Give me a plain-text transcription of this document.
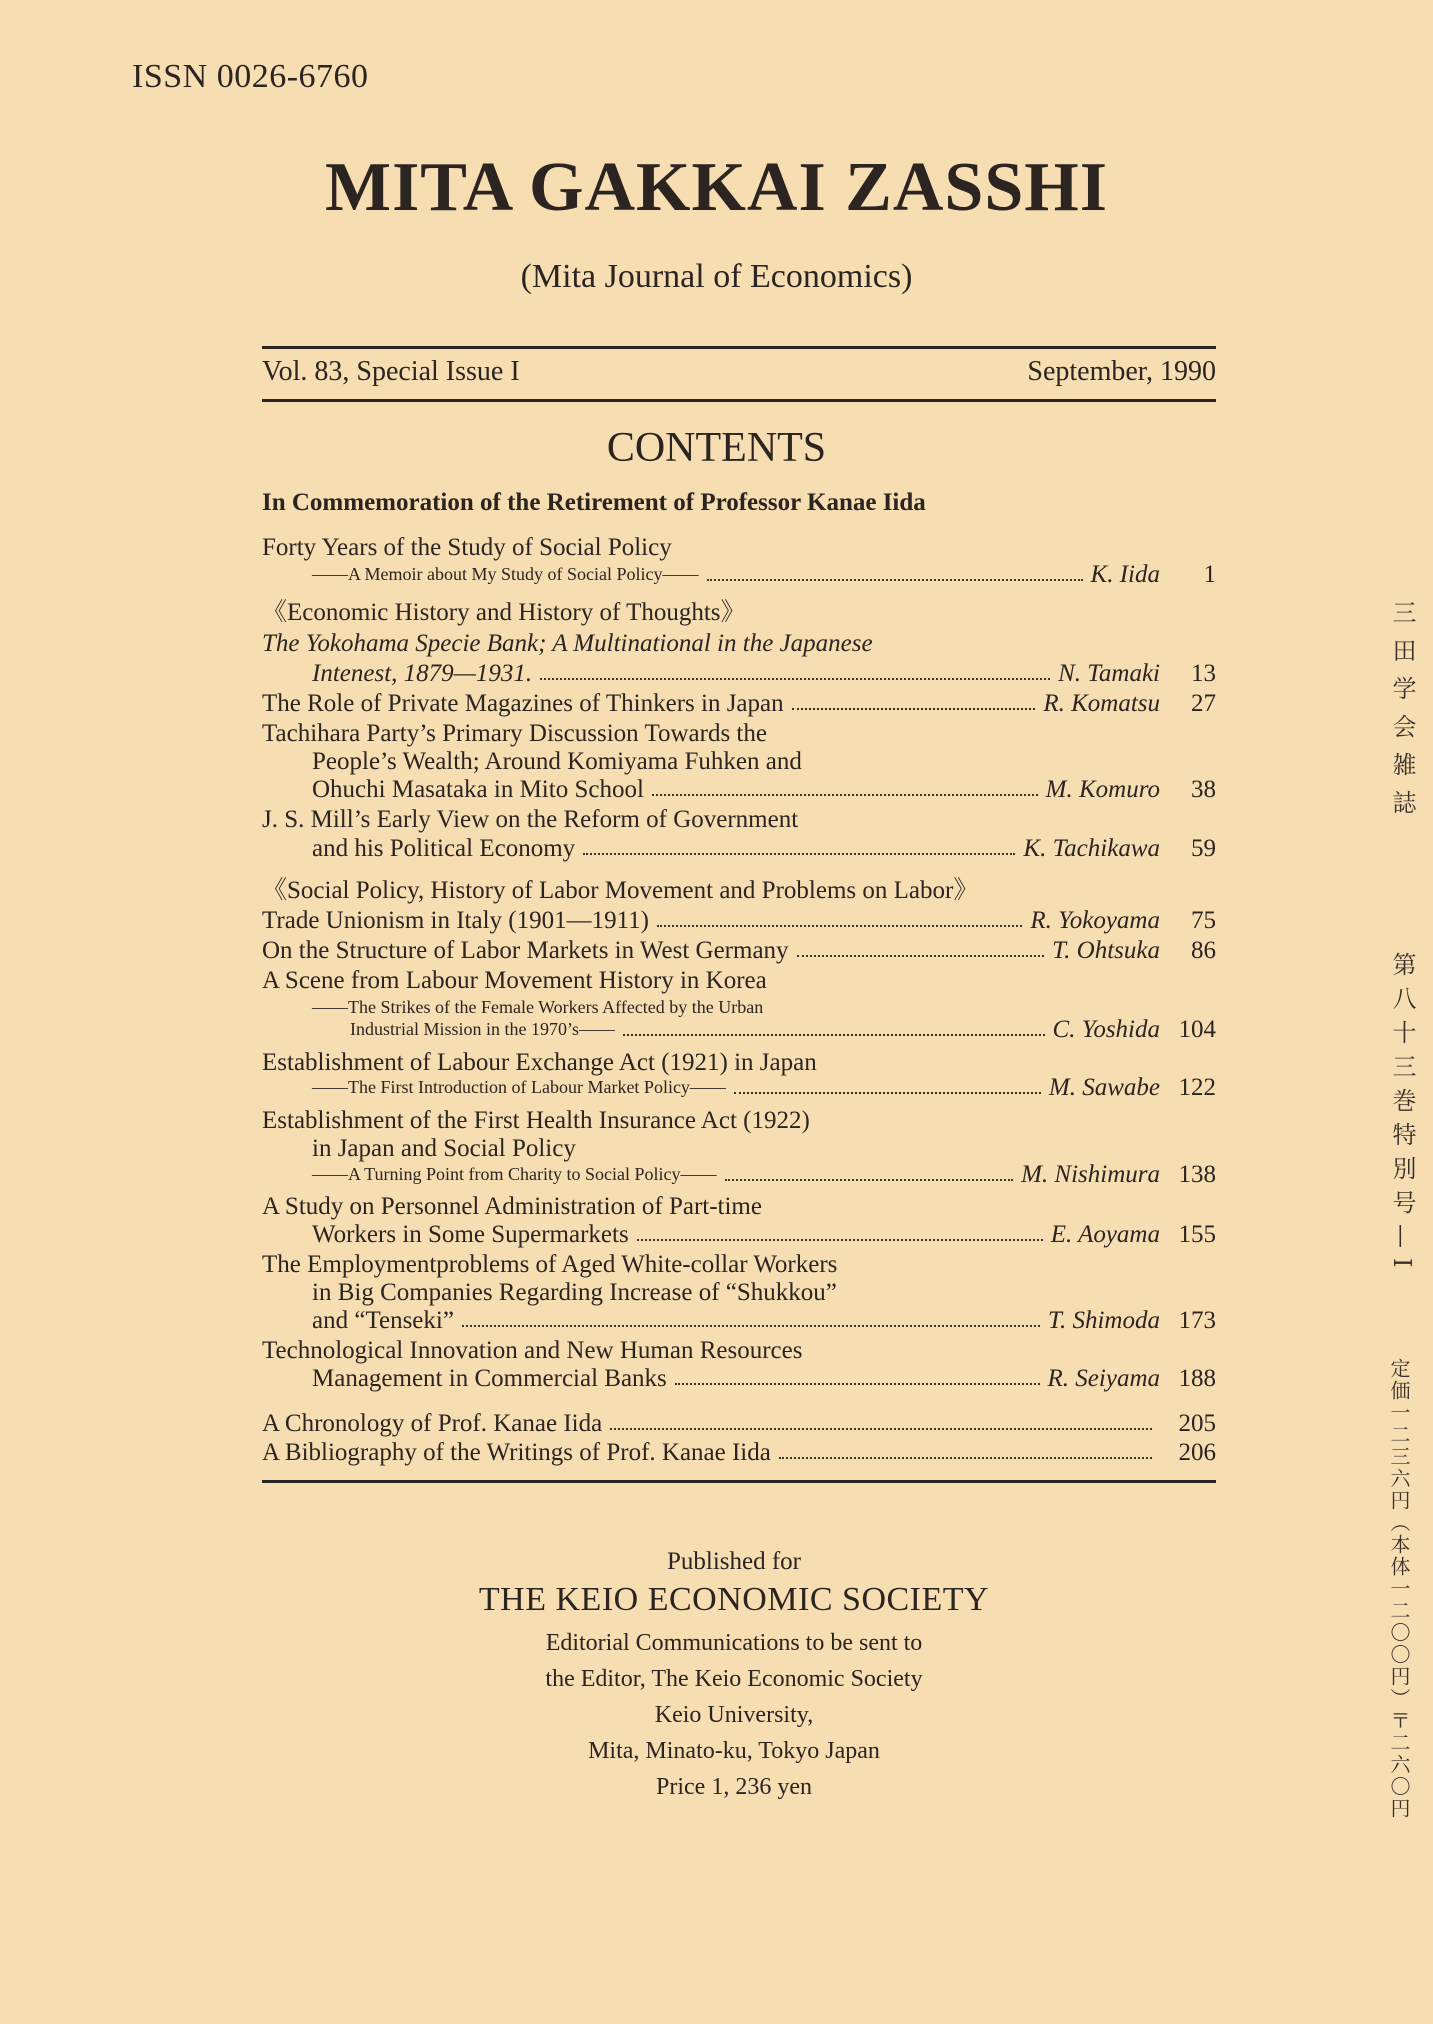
ISSN 0026-6760
MITA GAKKAI ZASSHI
(Mita Journal of Economics)
Vol. 83, Special Issue I	September, 1990
CONTENTS
In Commemoration of the Retirement of Professor Kanae Iida
Forty Years of the Study of Social Policy
——A Memoir about My Study of Social Policy——	K. Iida	1
《Economic History and History of Thoughts》
The Yokohama Specie Bank; A Multinational in the Japanese
Intenest, 1879—1931.	N. Tamaki	13
The Role of Private Magazines of Thinkers in Japan	R. Komatsu	27
Tachihara Party’s Primary Discussion Towards the
People’s Wealth; Around Komiyama Fuhken and
Ohuchi Masataka in Mito School	M. Komuro	38
J. S. Mill’s Early View on the Reform of Government
and his Political Economy	K. Tachikawa	59
《Social Policy, History of Labor Movement and Problems on Labor》
Trade Unionism in Italy (1901—1911)	R. Yokoyama	75
On the Structure of Labor Markets in West Germany	T. Ohtsuka	86
A Scene from Labour Movement History in Korea
——The Strikes of the Female Workers Affected by the Urban
Industrial Mission in the 1970’s——	C. Yoshida 104
Establishment of Labour Exchange Act (1921) in Japan
——The First Introduction of Labour Market Policy——	M. Sawabe 122
Establishment of the First Health Insurance Act (1922)
in Japan and Social Policy
——A Turning Point from Charity to Social Policy——	M. Nishimura 138
A Study on Personnel Administration of Part-time
Workers in Some Supermarkets	E. Aoyama 155
The Employmentproblems of Aged White-collar Workers
in Big Companies Regarding Increase of “Shukkou”
and “Tenseki”	T. Shimoda 173
Technological Innovation and New Human Resources
Management in Commercial Banks	R. Seiyama 188
A Chronology of Prof. Kanae Iida	205
A Bibliography of the Writings of Prof. Kanae Iida	206
Published for
THE KEIO ECONOMIC SOCIETY
Editorial Communications to be sent to
the Editor, The Keio Economic Society
Keio University,
Mita, Minato-ku, Tokyo Japan
Price 1, 236 yen
三田学会雑誌
第八十三巻特別号—I
定価一二三六円（本体一二〇〇円）〒二六〇円
